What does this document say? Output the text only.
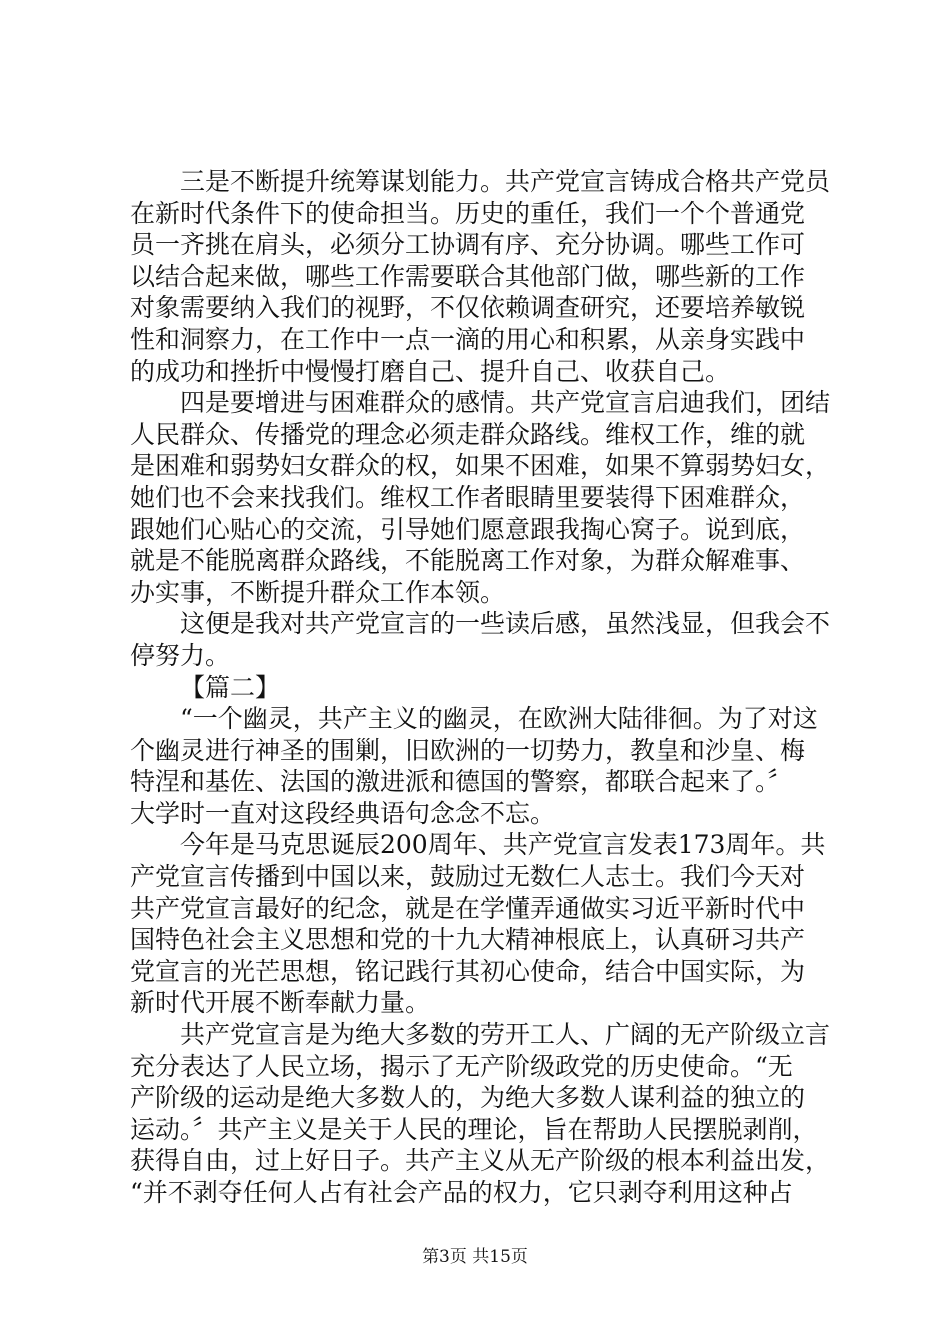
三是不断提升统筹谋划能力。共产党宣言铸成合格共产党员
在新时代条件下的使命担当。历史的重任，我们一个个普通党
员一齐挑在肩头，必须分工协调有序、充分协调。哪些工作可
以结合起来做，哪些工作需要联合其他部门做，哪些新的工作
对象需要纳入我们的视野，不仅依赖调查研究，还要培养敏锐
性和洞察力，在工作中一点一滴的用心和积累，从亲身实践中
的成功和挫折中慢慢打磨自己、提升自己、收获自己。
四是要增进与困难群众的感情。共产党宣言启迪我们，团结
人民群众、传播党的理念必须走群众路线。维权工作，维的就
是困难和弱势妇女群众的权，如果不困难，如果不算弱势妇女，
她们也不会来找我们。维权工作者眼睛里要装得下困难群众，
跟她们心贴心的交流，引导她们愿意跟我掏心窝子。说到底，
就是不能脱离群众路线，不能脱离工作对象，为群众解难事、
办实事，不断提升群众工作本领。
这便是我对共产党宣言的一些读后感，虽然浅显，但我会不
停努力。
【篇二】
“一个幽灵，共产主义的幽灵，在欧洲大陆徘徊。为了对这
个幽灵进行神圣的围剿，旧欧洲的一切势力，教皇和沙皇、梅
特涅和基佐、法国的激进派和德国的警察，都联合起来了。〞
大学时一直对这段经典语句念念不忘。
今年是马克思诞辰200周年、共产党宣言发表173周年。共
产党宣言传播到中国以来，鼓励过无数仁人志士。我们今天对
共产党宣言最好的纪念，就是在学懂弄通做实习近平新时代中
国特色社会主义思想和党的十九大精神根底上，认真研习共产
党宣言的光芒思想，铭记践行其初心使命，结合中国实际，为
新时代开展不断奉献力量。
共产党宣言是为绝大多数的劳开工人、广阔的无产阶级立言
充分表达了人民立场，揭示了无产阶级政党的历史使命。“无
产阶级的运动是绝大多数人的，为绝大多数人谋利益的独立的
运动。〞共产主义是关于人民的理论，旨在帮助人民摆脱剥削，
获得自由，过上好日子。共产主义从无产阶级的根本利益出发，
“并不剥夺任何人占有社会产品的权力，它只剥夺利用这种占
第3页 共15页
